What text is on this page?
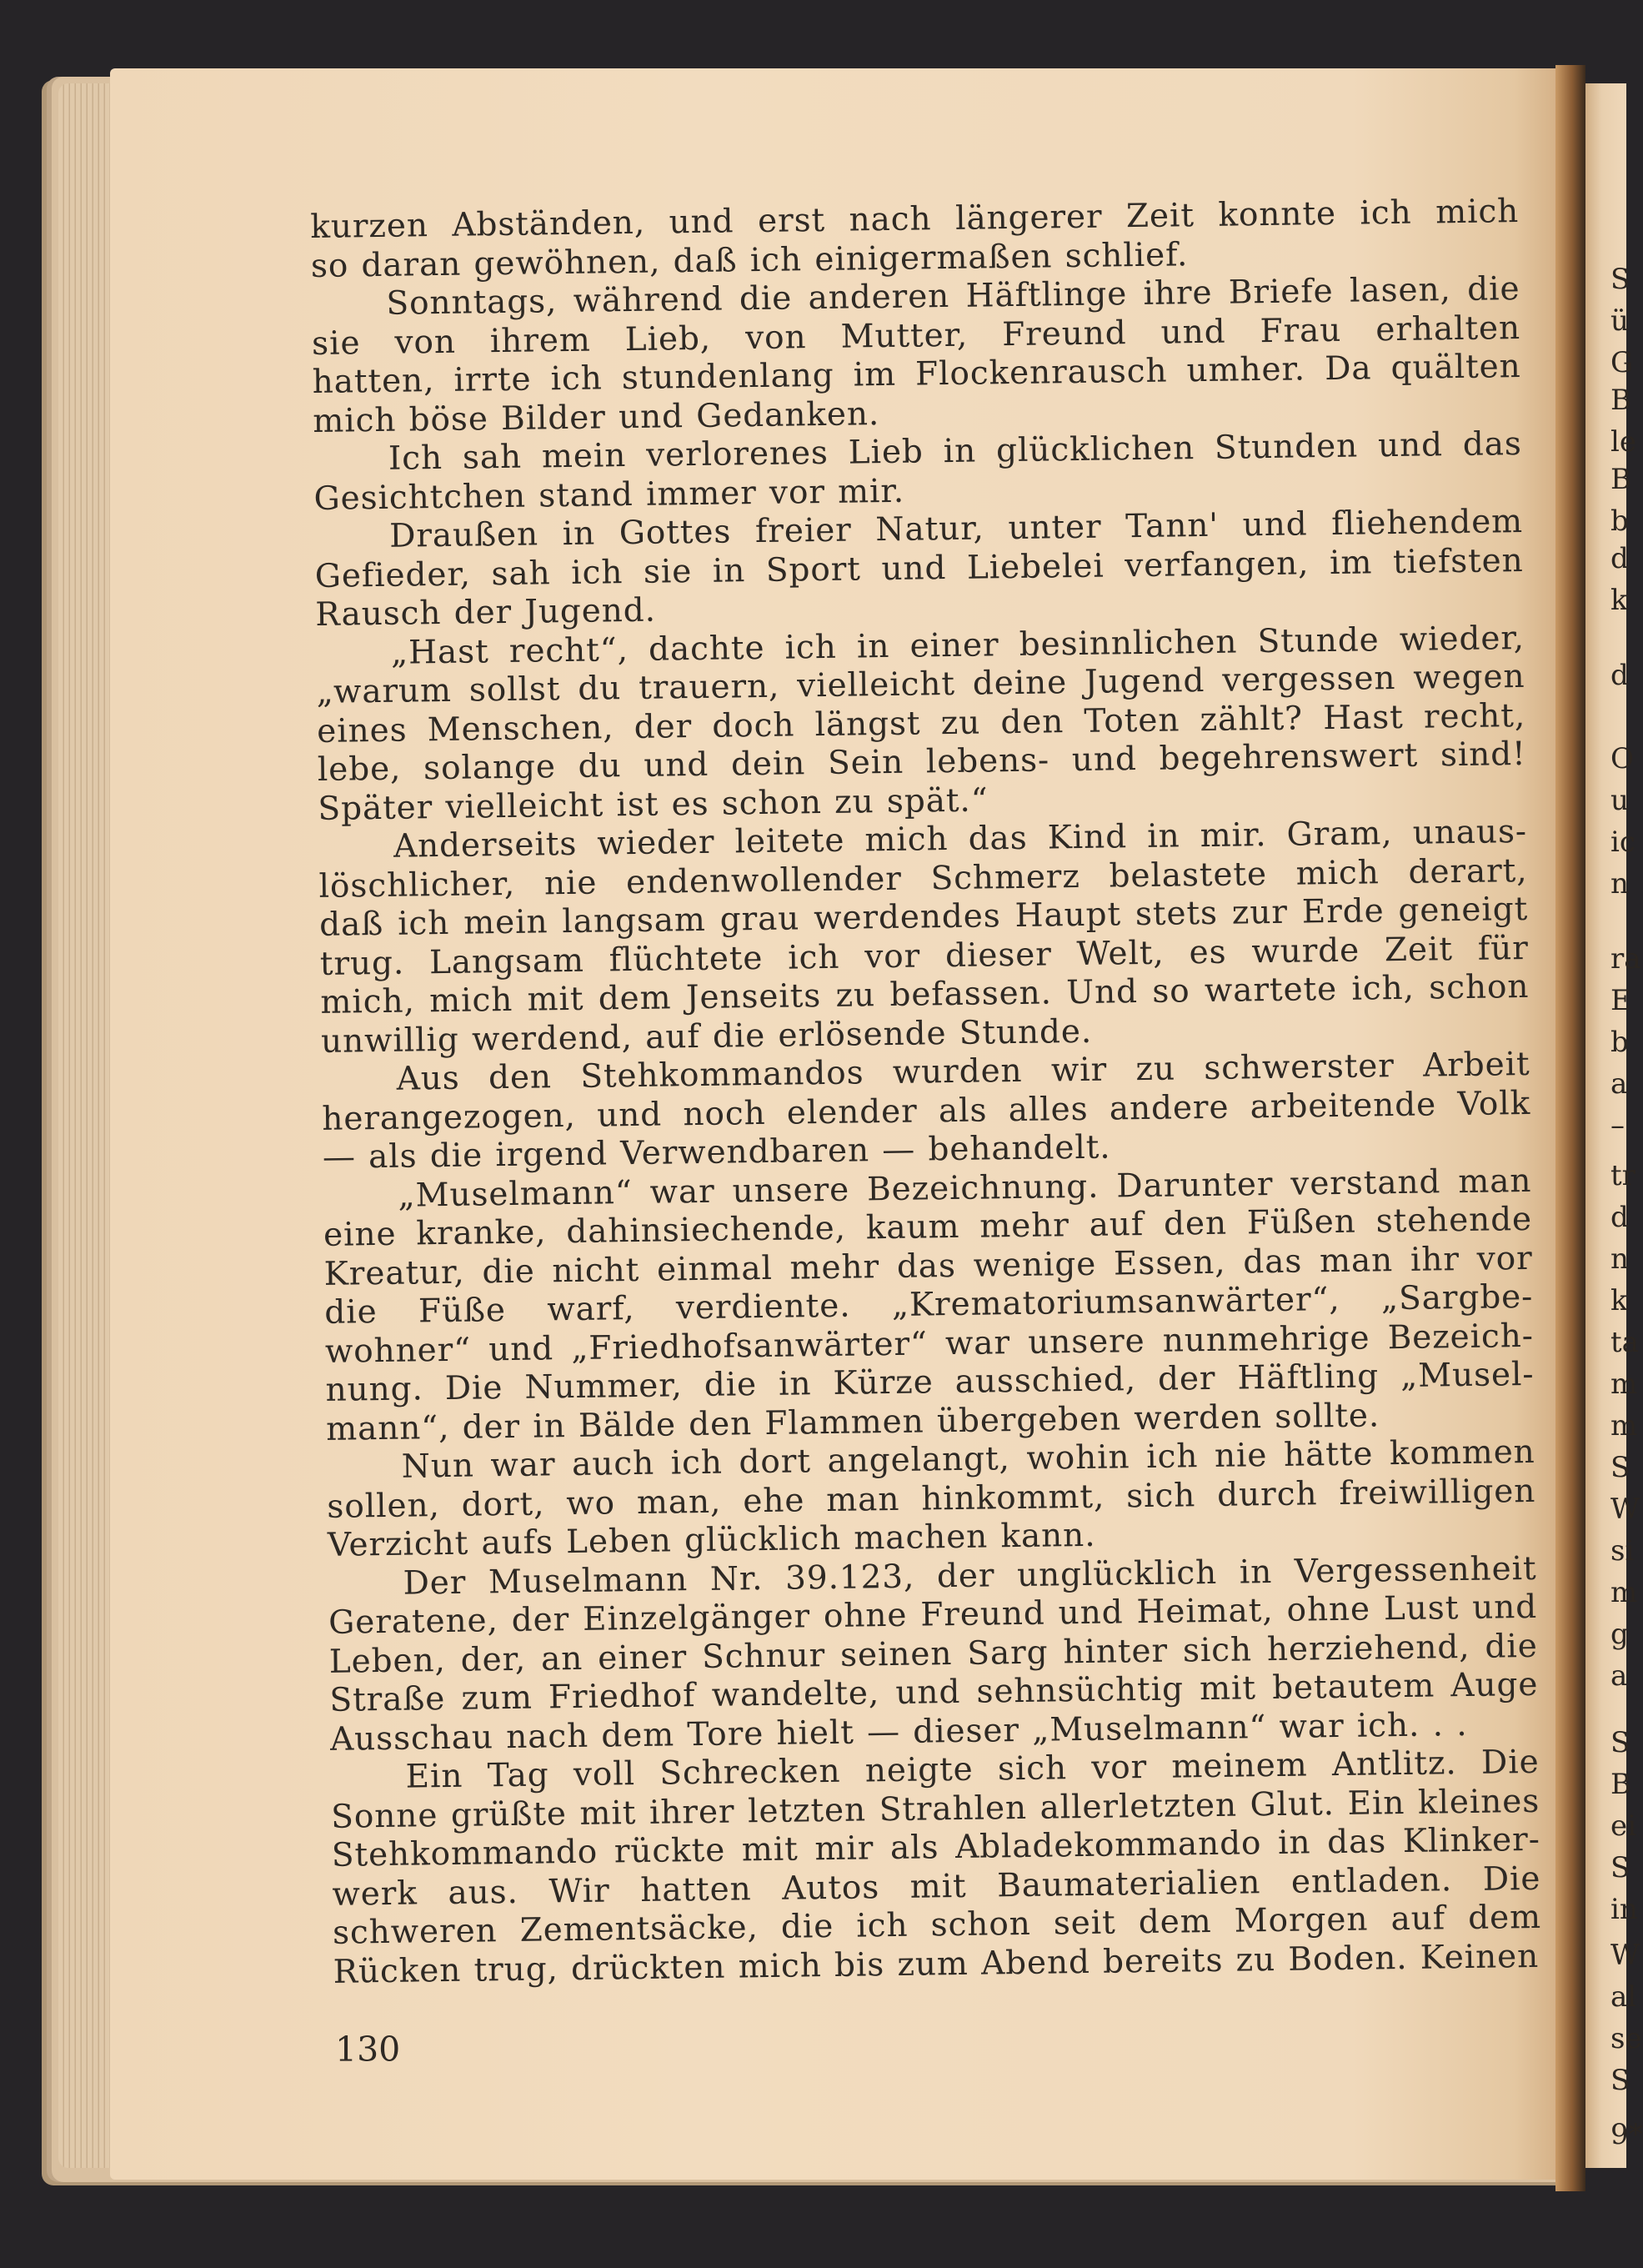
S
ü
G
B
le
B
b
d
k
d
O
u
ic
n
ra
E
b
a
–
tr
d
n
k
ta
m
m
S
W
si
m
g
a
S
B
ei
S
in
W
al
se
S
9*
kurzen Abständen, und erst nach längerer Zeit konnte ich mich
so daran gewöhnen, daß ich einigermaßen schlief.
Sonntags, während die anderen Häftlinge ihre Briefe lasen, die
sie von ihrem Lieb, von Mutter, Freund und Frau erhalten
hatten, irrte ich stundenlang im Flockenrausch umher. Da quälten
mich böse Bilder und Gedanken.
Ich sah mein verlorenes Lieb in glücklichen Stunden und das
Gesichtchen stand immer vor mir.
Draußen in Gottes freier Natur, unter Tann' und fliehendem
Gefieder, sah ich sie in Sport und Liebelei verfangen, im tiefsten
Rausch der Jugend.
„Hast recht“, dachte ich in einer besinnlichen Stunde wieder,
„warum sollst du trauern, vielleicht deine Jugend vergessen wegen
eines Menschen, der doch längst zu den Toten zählt? Hast recht,
lebe, solange du und dein Sein lebens- und begehrenswert sind!
Später vielleicht ist es schon zu spät.“
Anderseits wieder leitete mich das Kind in mir. Gram, unaus-
löschlicher, nie endenwollender Schmerz belastete mich derart,
daß ich mein langsam grau werdendes Haupt stets zur Erde geneigt
trug. Langsam flüchtete ich vor dieser Welt, es wurde Zeit für
mich, mich mit dem Jenseits zu befassen. Und so wartete ich, schon
unwillig werdend, auf die erlösende Stunde.
Aus den Stehkommandos wurden wir zu schwerster Arbeit
herangezogen, und noch elender als alles andere arbeitende Volk
— als die irgend Verwendbaren — behandelt.
„Muselmann“ war unsere Bezeichnung. Darunter verstand man
eine kranke, dahinsiechende, kaum mehr auf den Füßen stehende
Kreatur, die nicht einmal mehr das wenige Essen, das man ihr vor
die Füße warf, verdiente. „Krematoriumsanwärter“, „Sargbe-
wohner“ und „Friedhofsanwärter“ war unsere nunmehrige Bezeich-
nung. Die Nummer, die in Kürze ausschied, der Häftling „Musel-
mann“, der in Bälde den Flammen übergeben werden sollte.
Nun war auch ich dort angelangt, wohin ich nie hätte kommen
sollen, dort, wo man, ehe man hinkommt, sich durch freiwilligen
Verzicht aufs Leben glücklich machen kann.
Der Muselmann Nr. 39.123, der unglücklich in Vergessenheit
Geratene, der Einzelgänger ohne Freund und Heimat, ohne Lust und
Leben, der, an einer Schnur seinen Sarg hinter sich herziehend, die
Straße zum Friedhof wandelte, und sehnsüchtig mit betautem Auge
Ausschau nach dem Tore hielt — dieser „Muselmann“ war ich. . .
Ein Tag voll Schrecken neigte sich vor meinem Antlitz. Die
Sonne grüßte mit ihrer letzten Strahlen allerletzten Glut. Ein kleines
Stehkommando rückte mit mir als Abladekommando in das Klinker-
werk aus. Wir hatten Autos mit Baumaterialien entladen. Die
schweren Zementsäcke, die ich schon seit dem Morgen auf dem
Rücken trug, drückten mich bis zum Abend bereits zu Boden. Keinen
130
